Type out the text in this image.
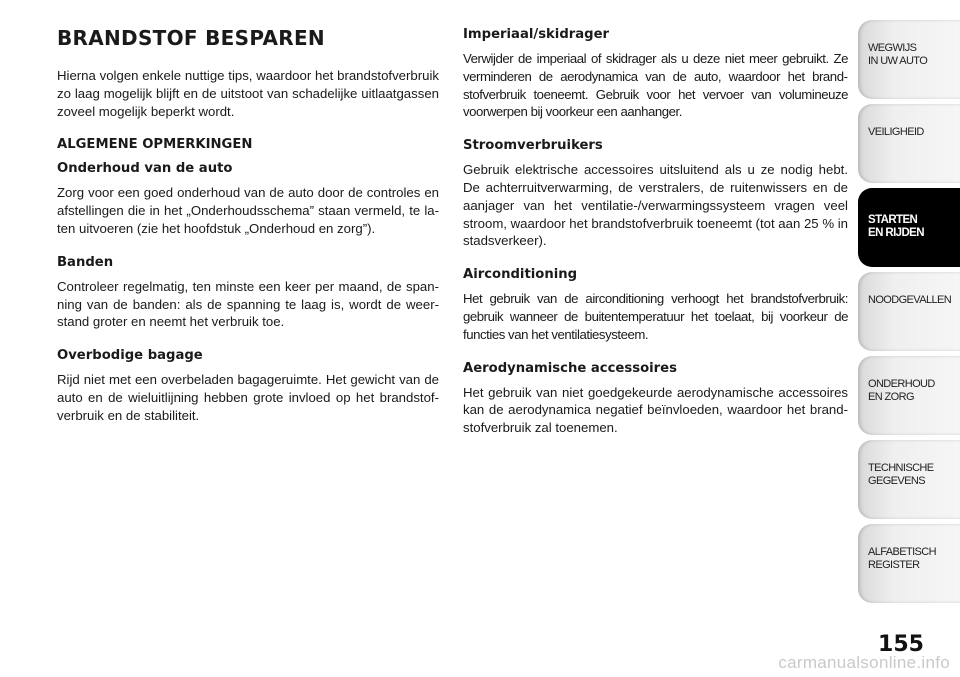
BRANDSTOF BESPAREN

Hierna volgen enkele nuttige tips, waardoor het brandstofverbruik zo laag mogelijk blijft en de uitstoot van schadelijke uitlaatgassen zoveel mogelijk beperkt wordt.

ALGEMENE OPMERKINGEN
Onderhoud van de auto

Zorg voor een goed onderhoud van de auto door de controles en afstellingen die in het „Onderhoudsschema” staan vermeld, te laten uitvoeren (zie het hoofdstuk „Onderhoud en zorg”).

Banden

Controleer regelmatig, ten minste een keer per maand, de spanning van de banden: als de spanning te laag is, wordt de weerstand groter en neemt het verbruik toe.

Overbodige bagage

Rijd niet met een overbeladen bagageruimte. Het gewicht van de auto en de wieluitlijning hebben grote invloed op het brandstofverbruik en de stabiliteit.

Imperiaal/skidrager

Verwijder de imperiaal of skidrager als u deze niet meer gebruikt. Ze verminderen de aerodynamica van de auto, waardoor het brandstofverbruik toeneemt. Gebruik voor het vervoer van volumineuze voorwerpen bij voorkeur een aanhanger.

Stroomverbruikers

Gebruik elektrische accessoires uitsluitend als u ze nodig hebt. De achterruitverwarming, de verstralers, de ruitenwissers en de aanjager van het ventilatie-/verwarmingssysteem vragen veel stroom, waardoor het brandstofverbruik toeneemt (tot aan 25 % in stadsverkeer).

Airconditioning

Het gebruik van de airconditioning verhoogt het brandstofverbruik: gebruik wanneer de buitentemperatuur het toelaat, bij voorkeur de functies van het ventilatiesysteem.

Aerodynamische accessoires

Het gebruik van niet goedgekeurde aerodynamische accessoires kan de aerodynamica negatief beïnvloeden, waardoor het brandstofverbruik zal toenemen.

WEGWIJS
IN UW AUTO
VEILIGHEID
STARTEN
EN RIJDEN
NOODGEVALLEN
ONDERHOUD
EN ZORG
TECHNISCHE
GEGEVENS
ALFABETISCH
REGISTER
155
carmanualsonline.info
